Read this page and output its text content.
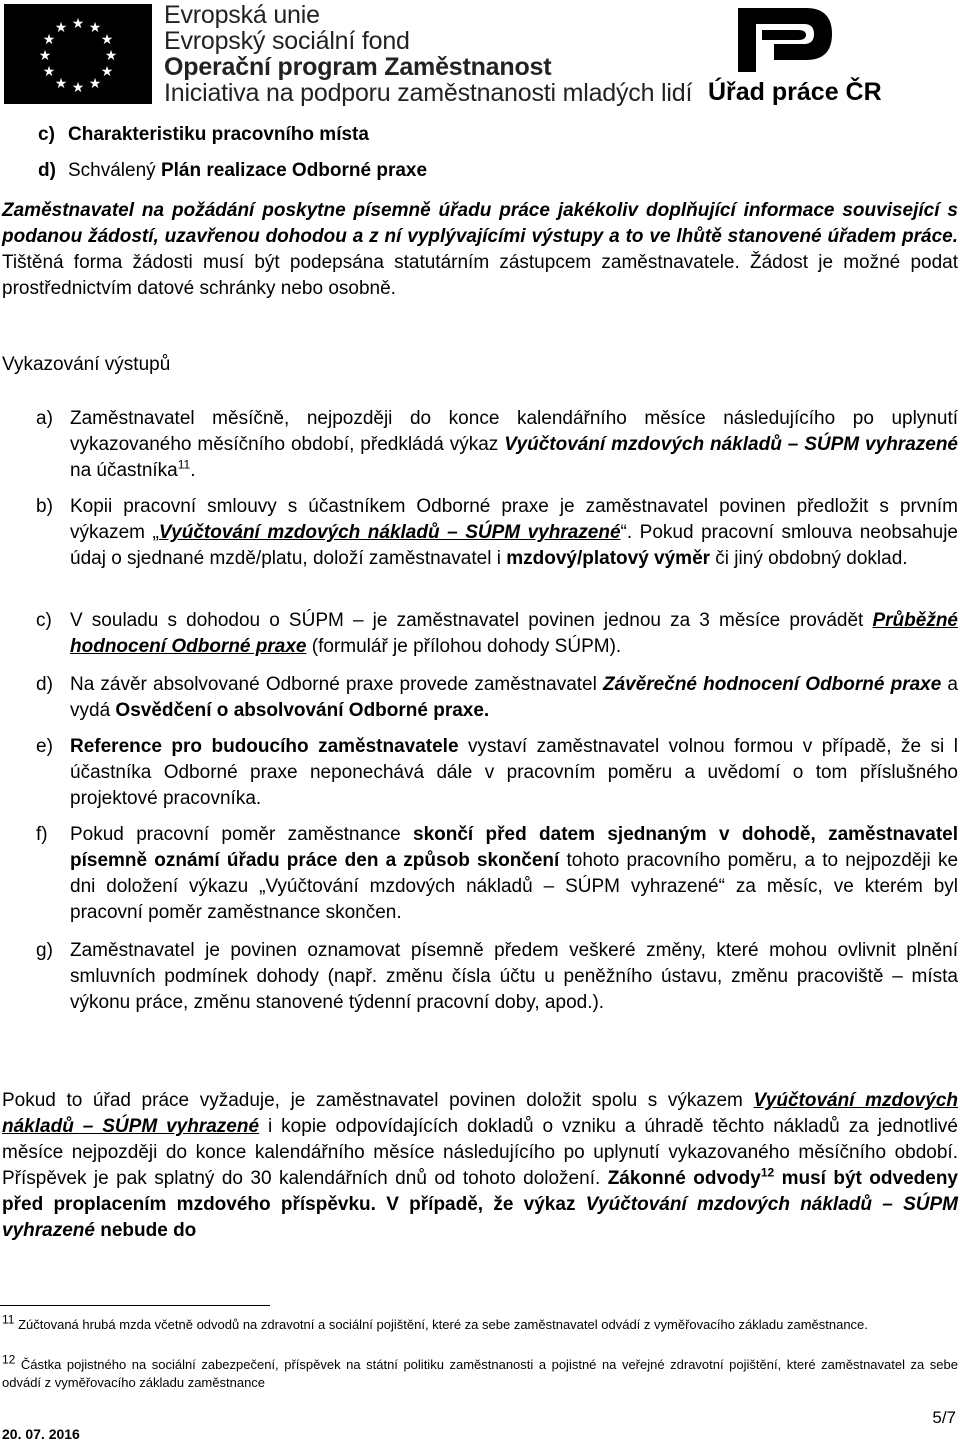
★ ★
★
★
★
★
★
★
★
★
★
★	Evropská unie
Evropský sociální fond
Operační program Zaměstnanost
Iniciativa na podporu zaměstnanosti mladých lidí Úřad práce ČR
c) Charakteristiku pracovního místa
d) Schválený Plán realizace Odborné praxe

Zaměstnavatel na požádání poskytne písemně úřadu práce jakékoliv doplňující informace související s podanou žádostí, uzavřenou dohodou a z ní vyplývajícími výstupy a to ve lhůtě stanovené úřadem práce. Tištěná forma žádosti musí být podepsána statutárním zástupcem zaměstnavatele. Žádost je možné podat prostřednictvím datové schránky nebo osobně.

Vykazování výstupů
a) Zaměstnavatel měsíčně, nejpozději do konce kalendářního měsíce následujícího po uplynutí vykazovaného měsíčního období, předkládá výkaz Vyúčtování mzdových nákladů – SÚPM vyhrazené na účastníka$^{11}$.

b) Kopii pracovní smlouvy s účastníkem Odborné praxe je zaměstnavatel povinen předložit s prvním výkazem „Vyúčtování mzdových nákladů – SÚPM vyhrazené“. Pokud pracovní smlouva neobsahuje údaj o sjednané mzdě/platu, doloží zaměstnavatel i mzdový/platový výměr či jiný obdobný doklad.

c) V souladu s dohodou o SÚPM – je zaměstnavatel povinen jednou za 3 měsíce provádět Průběžné hodnocení Odborné praxe (formulář je přílohou dohody SÚPM).

d) Na závěr absolvované Odborné praxe provede zaměstnavatel Závěrečné hodnocení Odborné praxe a vydá Osvědčení o absolvování Odborné praxe.

e) Reference pro budoucího zaměstnavatele vystaví zaměstnavatel volnou formou v případě, že si l účastníka Odborné praxe neponechává dále v pracovním poměru a uvědomí o tom příslušného projektové pracovníka.

f) Pokud pracovní poměr zaměstnance skončí před datem sjednaným v dohodě, zaměstnavatel písemně oznámí úřadu práce den a způsob skončení tohoto pracovního poměru, a to nejpozději ke dni doložení výkazu „Vyúčtování mzdových nákladů – SÚPM vyhrazené“ za měsíc, ve kterém byl pracovní poměr zaměstnance skončen.

g) Zaměstnavatel je povinen oznamovat písemně předem veškeré změny, které mohou ovlivnit plnění smluvních podmínek dohody (např. změnu čísla účtu u peněžního ústavu, změnu pracoviště – místa výkonu práce, změnu stanovené týdenní pracovní doby, apod.).

Pokud to úřad práce vyžaduje, je zaměstnavatel povinen doložit spolu s výkazem Vyúčtování mzdových nákladů – SÚPM vyhrazené i kopie odpovídajících dokladů o vzniku a úhradě těchto nákladů za jednotlivé měsíce nejpozději do konce kalendářního měsíce následujícího po uplynutí vykazovaného měsíčního období. Příspěvek je pak splatný do 30 kalendářních dnů od tohoto doložení. Zákonné odvody$^{12}$ musí být odvedeny před proplacením mzdového příspěvku. V případě, že výkaz Vyúčtování mzdových nákladů – SÚPM vyhrazené nebude do

$^{11}$ Zúčtovaná hrubá mzda včetně odvodů na zdravotní a sociální pojištění, které za sebe zaměstnavatel odvádí z vyměřovacího základu zaměstnance.

$^{12}$ Částka pojistného na sociální zabezpečení, příspěvek na státní politiku zaměstnanosti a pojistné na veřejné zdravotní pojištění, které zaměstnavatel za sebe odvádí z vyměřovacího základu zaměstnance

20. 07. 2016
5/7
